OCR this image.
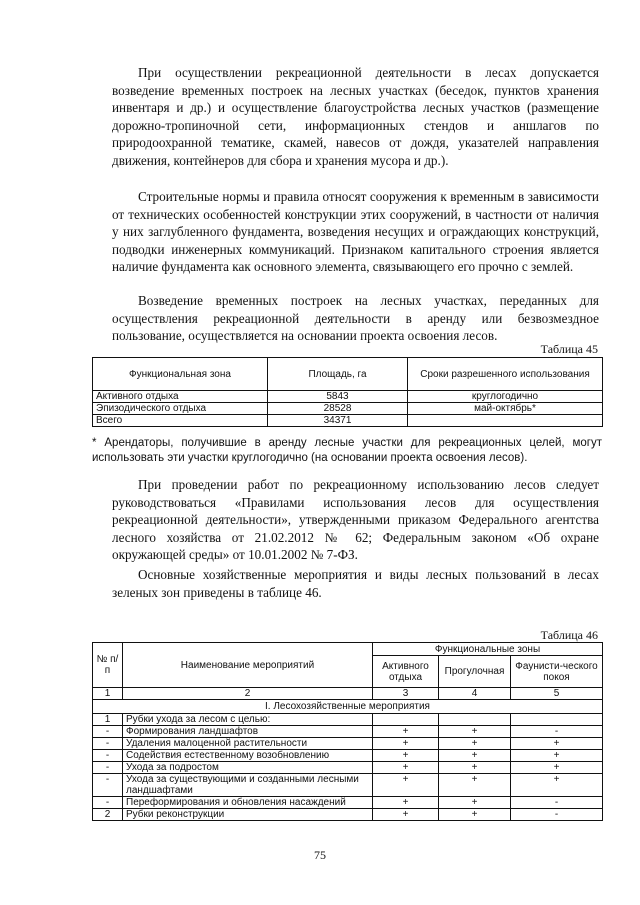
При осуществлении рекреационной деятельности в лесах допускается возведение временных построек на лесных участках (беседок, пунктов хранения инвентаря и др.) и осуществление благоустройства лесных участков (размещение дорожно-тропиночной сети, информационных стендов и аншлагов по природоохранной тематике, скамей, навесов от дождя, указателей направления движения, контейнеров для сбора и хранения мусора и др.).

Строительные нормы и правила относят сооружения к временным в зависимости от технических особенностей конструкции этих сооружений, в частности от наличия у них заглубленного фундамента, возведения несущих и ограждающих конструкций, подводки инженерных коммуникаций. Признаком капитального строения является наличие фундамента как основного элемента, связывающего его прочно с землей.

Возведение временных построек на лесных участках, переданных для осуществления рекреационной деятельности в аренду или безвозмездное пользование, осуществляется на основании проекта освоения лесов.

Таблица 45

Функциональная зона	Площадь, га	Сроки разрешенного использования
Активного отдыха	5843	круглогодично
Эпизодического отдыха	28528	май-октябрь*
Всего	34371	

* Арендаторы, получившие в аренду лесные участки для рекреационных целей, могут использовать эти участки круглогодично (на основании проекта освоения лесов).

При проведении работ по рекреационному использованию лесов следует руководствоваться «Правилами использования лесов для осуществления рекреационной деятельности», утвержденными приказом Федерального агентства лесного хозяйства от 21.02.2012 № 62; Федеральным законом «Об охране окружающей среды» от 10.01.2002 № 7-ФЗ.

Основные хозяйственные мероприятия и виды лесных пользований в лесах зеленых зон приведены в таблице 46.

Таблица 46

№ п/п	Наименование мероприятий	Функциональные зоны		
		Активного отдыха	Прогулочная	Фаунисти-ческого покоя
1	2	3	4	5
I. Лесохозяйственные мероприятия				
1	Рубки ухода за лесом с целью:			
-	Формирования ландшафтов	+	+	-
-	Удаления малоценной растительности	+	+	+
-	Содействия естественному возобновлению	+	+	+
-	Ухода за подростом	+	+	+
-	Ухода за существующими и созданными лесными ландшафтами	+	+	+
-	Переформирования и обновления насаждений	+	+	-
2	Рубки реконструкции	+	+	-
75
